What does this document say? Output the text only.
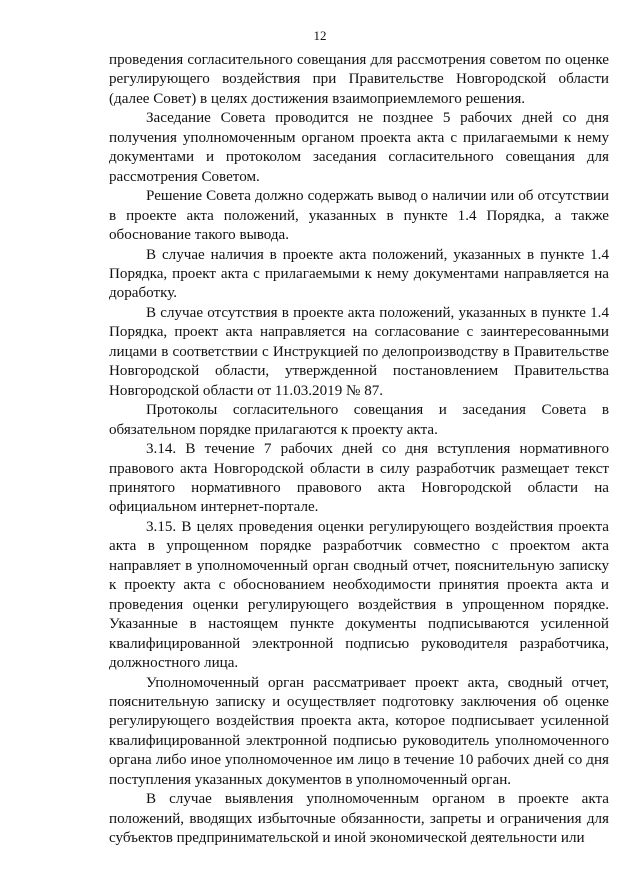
12

проведения согласительного совещания для рассмотрения советом по оценке регулирующего воздействия при Правительстве Новгородской области (далее Совет) в целях достижения взаимоприемлемого решения.

Заседание Совета проводится не позднее 5 рабочих дней со дня получения уполномоченным органом проекта акта с прилагаемыми к нему документами и протоколом заседания согласительного совещания для рассмотрения Советом.

Решение Совета должно содержать вывод о наличии или об отсутствии в проекте акта положений, указанных в пункте 1.4 Порядка, а также обоснование такого вывода.

В случае наличия в проекте акта положений, указанных в пункте 1.4 Порядка, проект акта с прилагаемыми к нему документами направляется на доработку.

В случае отсутствия в проекте акта положений, указанных в пункте 1.4 Порядка, проект акта направляется на согласование с заинтересованными лицами в соответствии с Инструкцией по делопроизводству в Правительстве Новгородской области, утвержденной постановлением Правительства Новгородской области от 11.03.2019 № 87.

Протоколы согласительного совещания и заседания Совета в обязательном порядке прилагаются к проекту акта.

3.14. В течение 7 рабочих дней со дня вступления нормативного правового акта Новгородской области в силу разработчик размещает текст принятого нормативного правового акта Новгородской области на официальном интернет-портале.

3.15. В целях проведения оценки регулирующего воздействия проекта акта в упрощенном порядке разработчик совместно с проектом акта направляет в уполномоченный орган сводный отчет, пояснительную записку к проекту акта с обоснованием необходимости принятия проекта акта и проведения оценки регулирующего воздействия в упрощенном порядке. Указанные в настоящем пункте документы подписываются усиленной квалифицированной электронной подписью руководителя разработчика, должностного лица.

Уполномоченный орган рассматривает проект акта, сводный отчет, пояснительную записку и осуществляет подготовку заключения об оценке регулирующего воздействия проекта акта, которое подписывает усиленной квалифицированной электронной подписью руководитель уполномоченного органа либо иное уполномоченное им лицо в течение 10 рабочих дней со дня поступления указанных документов в уполномоченный орган.

В случае выявления уполномоченным органом в проекте акта положений, вводящих избыточные обязанности, запреты и ограничения для субъектов предпринимательской и иной экономической деятельности или
